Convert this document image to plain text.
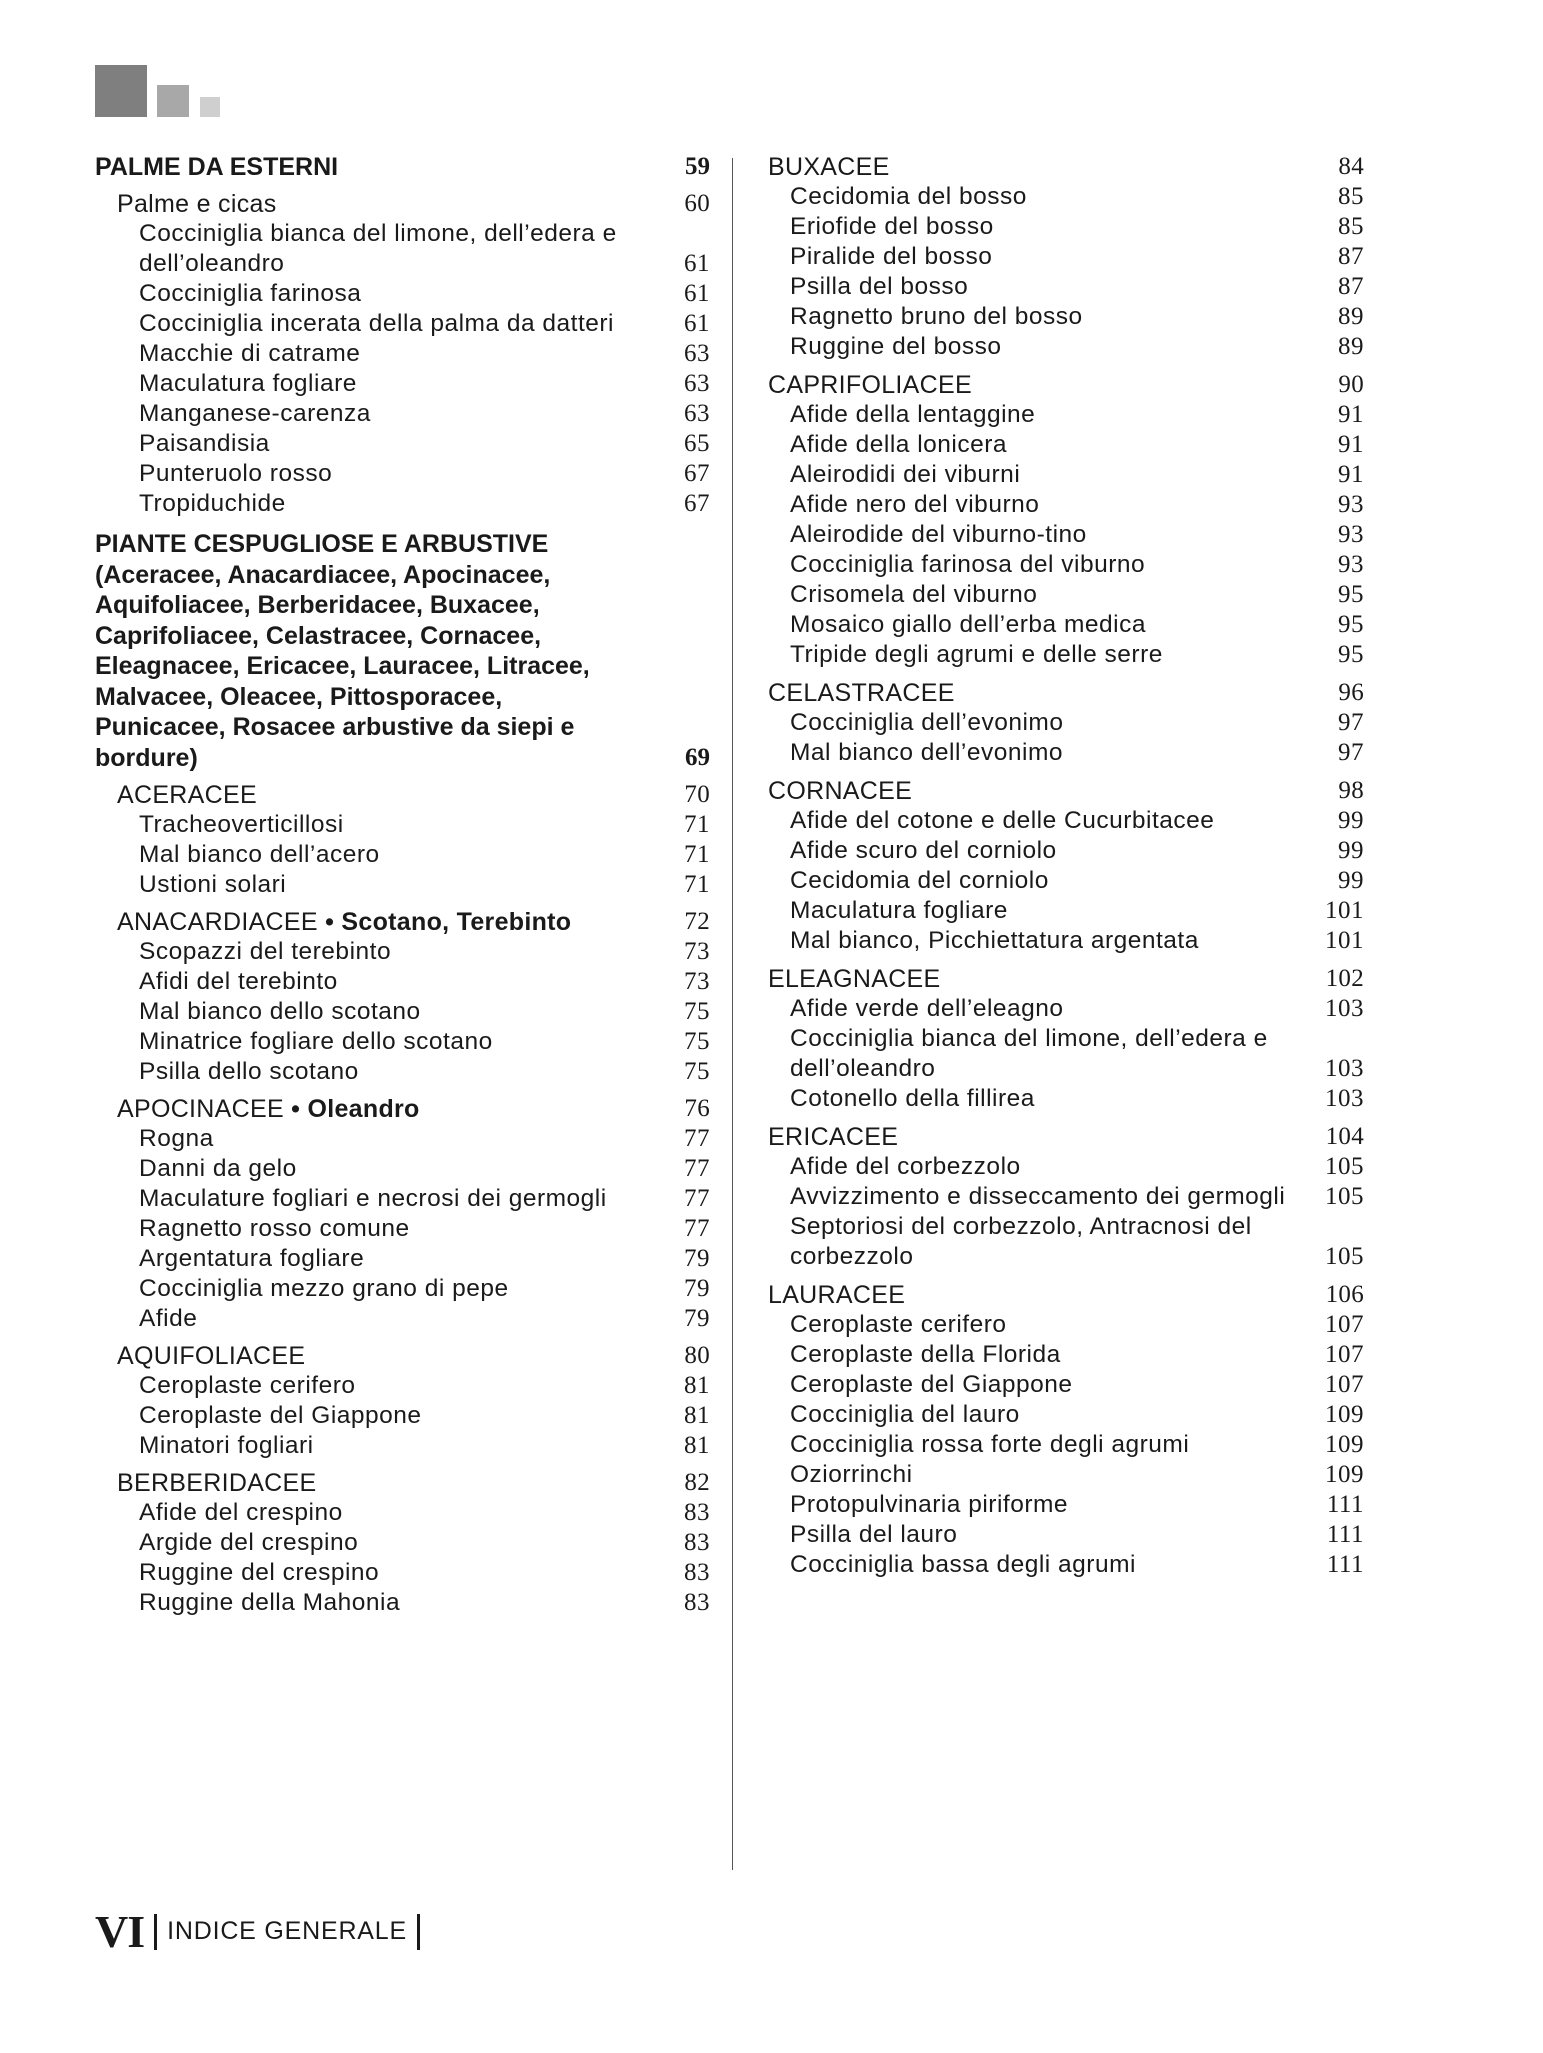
PALME DA ESTERNI	59
Palme e cicas	60
Cocciniglia bianca del limone, dell’edera e dell’oleandro	61
Cocciniglia farinosa	61
Cocciniglia incerata della palma da datteri	61
Macchie di catrame	63
Maculatura fogliare	63
Manganese-carenza	63
Paisandisia	65
Punteruolo rosso	67
Tropiduchide	67
PIANTE CESPUGLIOSE E ARBUSTIVE (Aceracee, Anacardiacee, Apocinacee, Aquifoliacee, Berberidacee, Buxacee, Caprifoliacee, Celastracee, Cornacee, Eleagnacee, Ericacee, Lauracee, Litracee, Malvacee, Oleacee, Pittosporacee, Punicacee, Rosacee arbustive da siepi e bordure)	69
ACERACEE	70
Tracheoverticillosi	71
Mal bianco dell’acero	71
Ustioni solari	71
ANACARDIACEE • Scotano, Terebinto	72
Scopazzi del terebinto	73
Afidi del terebinto	73
Mal bianco dello scotano	75
Minatrice fogliare dello scotano	75
Psilla dello scotano	75
APOCINACEE • Oleandro	76
Rogna	77
Danni da gelo	77
Maculature fogliari e necrosi dei germogli	77
Ragnetto rosso comune	77
Argentatura fogliare	79
Cocciniglia mezzo grano di pepe	79
Afide	79
AQUIFOLIACEE	80
Ceroplaste cerifero	81
Ceroplaste del Giappone	81
Minatori fogliari	81
BERBERIDACEE	82
Afide del crespino	83
Argide del crespino	83
Ruggine del crespino	83
Ruggine della Mahonia	83
BUXACEE	84
Cecidomia del bosso	85
Eriofide del bosso	85
Piralide del bosso	87
Psilla del bosso	87
Ragnetto bruno del bosso	89
Ruggine del bosso	89
CAPRIFOLIACEE	90
Afide della lentaggine	91
Afide della lonicera	91
Aleirodidi dei viburni	91
Afide nero del viburno	93
Aleirodide del viburno-tino	93
Cocciniglia farinosa del viburno	93
Crisomela del viburno	95
Mosaico giallo dell’erba medica	95
Tripide degli agrumi e delle serre	95
CELASTRACEE	96
Cocciniglia dell’evonimo	97
Mal bianco dell’evonimo	97
CORNACEE	98
Afide del cotone e delle Cucurbitacee	99
Afide scuro del corniolo	99
Cecidomia del corniolo	99
Maculatura fogliare	101
Mal bianco, Picchiettatura argentata	101
ELEAGNACEE	102
Afide verde dell’eleagno	103
Cocciniglia bianca del limone, dell’edera e dell’oleandro	103
Cotonello della fillirea	103
ERICACEE	104
Afide del corbezzolo	105
Avvizzimento e disseccamento dei germogli	105
Septoriosi del corbezzolo, Antracnosi del corbezzolo	105
LAURACEE	106
Ceroplaste cerifero	107
Ceroplaste della Florida	107
Ceroplaste del Giappone	107
Cocciniglia del lauro	109
Cocciniglia rossa forte degli agrumi	109
Oziorrinchi	109
Protopulvinaria piriforme	111
Psilla del lauro	111
Cocciniglia bassa degli agrumi	111
VI INDICE GENERALE
